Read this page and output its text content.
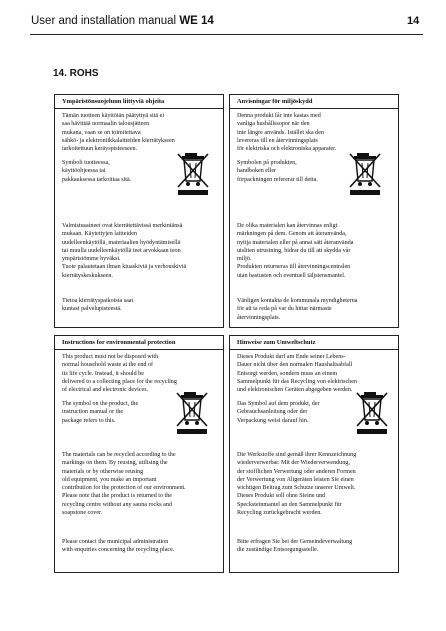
User and installation manual WE 14	14
14. ROHS
Ympäristönsuojeluun liittyviä ohjeita
Tämän tuotteen käyttöiän päätyttyä sitä ei
saa hävittää normaalin talousjätteen
mukana, vaan se on toimitettava
sähkö- ja elektroniikkalaitteiden kierrätykseen
tarkoitettuun keräyspisteeseen.
Symboli tuotteessa,
käyttöohjeessa tai
pakkauksessa tarkoittaa sitä.
Valmistusaineet ovat kierrätettävissä merkintänsä
mukaan. Käytettyjen laitteiden
uudelleenkäytöllä, materiaalien hyödyntämisellä
tai muulla uudelleenkäytöllä teet arvokkaan teon
ympäristömme hyväksi.
Tuote palautetaan ilman kiuaskiviä ja verhouskiviä
kierrätyskeskukseen.
Tietoa kierrätyspaikoista saat
kuntasi palvelupisteestä.
Anvisningar för miljöskydd
Denna produkt får inte kastas med
vanliga hushållssopor när den
inte längre används. Istället ska den
levereras till en återvinningsplats
för elektriska och elektroniska apparater.
Symbolen på produkten,
handboken eller
förpackningen refererar till detta.
De olika materialen kan återvinnas enligt
märkningen på dem. Genom att återanvända,
nyttja materialen eller på annat sätt återanvända
utsliten utrustning, bidrar du till att skydda vår
miljö.
Produkten returneras till återvinningscentralen
utan bastusten och eventuell täljstensmantel.
Vänligen kontakta de kommunala myndigheterna
för att ta reda på var du hittar närmaste
återvinningsplats.
Instructions for environmental protection
This product must not be disposed with
normal household waste at the end of
its life cycle. Instead, it should be
delivered to a collecting place for the recycling
of electrical and electronic devices.
The symbol on the product, the
instruction manual or the
package refers to this.
The materials can be recycled according to the
markings on them. By reusing, utilising the
materials or by otherwise reusing
old equipment, you make an important
contribution for the protection of our environment.
Please note that the product is returned to the
recycling centre without any sauna rocks and
soapstone cover.
Please contact the municipal administration
with enquiries concerning the recycling place.
Hinweise zum Umweltschutz
Dieses Produkt darf am Ende seiner Lebens-
Dauer nicht über den normalen Haushaltsabfall
Entsorgt werden, sondern muss an einem
Sammelpunkt für das Recycling von elektrischen
und elektronischen Geräten abgegeben werden.
Das Symbol auf dem produkt, der
Gebrauchsanleitung oder der
Verpackung weist darauf hin.
Die Werkstoffe sind gemäß ihrer Kennzeichnung
wiederverwerbar. Mit der Wiederverwendung,
der stofflichen Verwertung oder anderen Formen
der Verwertung von Altgeräten leisten Sie einen
wichtigen Beitrag zum Schutze unserer Umwelt.
Dieses Produkt soll ohne Steine und
Specksteinmantel an den Sammelpunkt für
Recycling zurückgebracht werden.
Bitte erfragen Sie bei der Gemeindeverwaltung
die zuständige Entsorgungsstelle.
